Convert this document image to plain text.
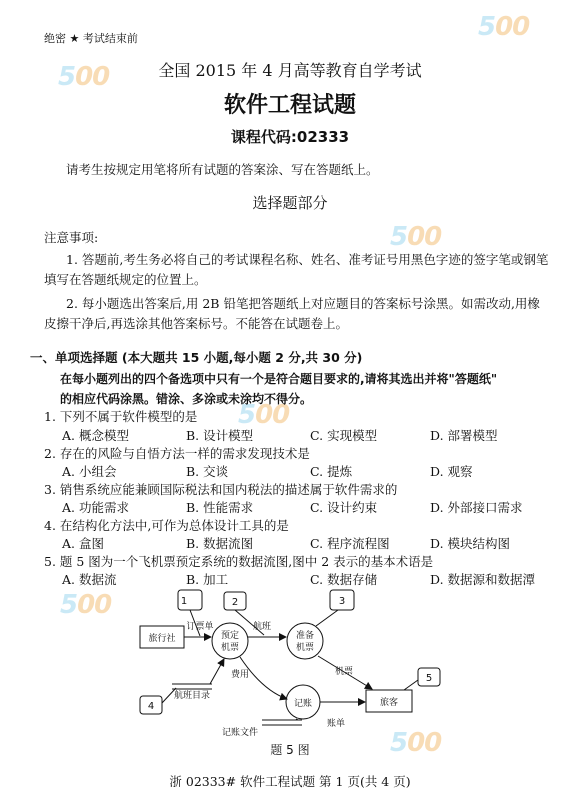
500
500
500
500
500
500
绝密 ★ 考试结束前
全国 2015 年 4 月高等教育自学考试
软件工程试题
课程代码:02333
请考生按规定用笔将所有试题的答案涂、写在答题纸上。
选择题部分
注意事项:
1. 答题前,考生务必将自己的考试课程名称、姓名、准考证号用黑色字迹的签字笔或钢笔
填写在答题纸规定的位置上。
2. 每小题选出答案后,用 2B 铅笔把答题纸上对应题目的答案标号涂黑。如需改动,用橡
皮擦干净后,再选涂其他答案标号。不能答在试题卷上。
一、单项选择题 (本大题共 15 小题,每小题 2 分,共 30 分)
在每小题列出的四个备选项中只有一个是符合题目要求的,请将其选出并将"答题纸"
的相应代码涂黑。错涂、多涂或未涂均不得分。
1. 下列不属于软件模型的是
A. 概念模型	B. 设计模型	C. 实现模型	D. 部署模型
2. 存在的风险与自悟方法一样的需求发现技术是
A. 小组会	B. 交谈	C. 提炼	D. 观察
3. 销售系统应能兼顾国际税法和国内税法的描述属于软件需求的
A. 功能需求	B. 性能需求	C. 设计约束	D. 外部接口需求
4. 在结构化方法中,可作为总体设计工具的是
A. 盒图	B. 数据流图	C. 程序流程图	D. 模块结构图
5. 题 5 图为一个飞机票预定系统的数据流图,图中 2 表示的基本术语是
A. 数据流	B. 加工	C. 数据存储	D. 数据源和数据潭
1	2	3
4
5
旅行社	预定
机票
准备
机票
记账	旅客
订票单	航班
费用
航班目录
机票
记账文件
账单
题 5 图
浙 02333# 软件工程试题 第 1 页(共 4 页)
